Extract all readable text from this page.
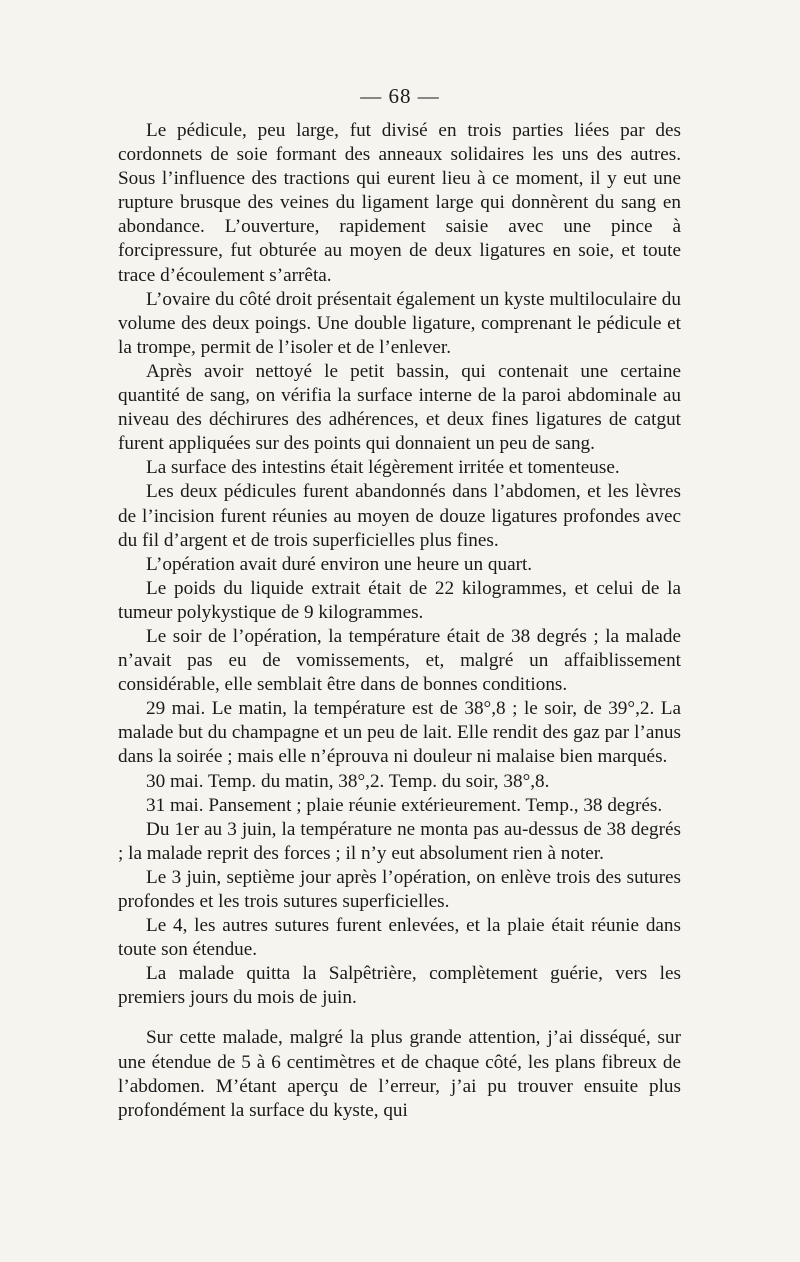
— 68 —

Le pédicule, peu large, fut divisé en trois parties liées par des cordonnets de soie formant des anneaux solidaires les uns des autres. Sous l’influence des tractions qui eurent lieu à ce moment, il y eut une rupture brusque des veines du ligament large qui donnèrent du sang en abondance. L’ouverture, rapidement saisie avec une pince à forcipressure, fut obturée au moyen de deux ligatures en soie, et toute trace d’écoulement s’arrêta.

L’ovaire du côté droit présentait également un kyste multiloculaire du volume des deux poings. Une double ligature, comprenant le pédicule et la trompe, permit de l’isoler et de l’enlever.

Après avoir nettoyé le petit bassin, qui contenait une certaine quantité de sang, on vérifia la surface interne de la paroi abdominale au niveau des déchirures des adhérences, et deux fines ligatures de catgut furent appliquées sur des points qui donnaient un peu de sang.

La surface des intestins était légèrement irritée et tomenteuse.

Les deux pédicules furent abandonnés dans l’abdomen, et les lèvres de l’incision furent réunies au moyen de douze ligatures profondes avec du fil d’argent et de trois superficielles plus fines.

L’opération avait duré environ une heure un quart.

Le poids du liquide extrait était de 22 kilogrammes, et celui de la tumeur polykystique de 9 kilogrammes.

Le soir de l’opération, la température était de 38 degrés ; la malade n’avait pas eu de vomissements, et, malgré un affaiblissement considérable, elle semblait être dans de bonnes conditions.

29 mai. Le matin, la température est de 38°,8 ; le soir, de 39°,2. La malade but du champagne et un peu de lait. Elle rendit des gaz par l’anus dans la soirée ; mais elle n’éprouva ni douleur ni malaise bien marqués.

30 mai. Temp. du matin, 38°,2. Temp. du soir, 38°,8.

31 mai. Pansement ; plaie réunie extérieurement. Temp., 38 degrés.

Du 1er au 3 juin, la température ne monta pas au-dessus de 38 degrés ; la malade reprit des forces ; il n’y eut absolument rien à noter.

Le 3 juin, septième jour après l’opération, on enlève trois des sutures profondes et les trois sutures superficielles.

Le 4, les autres sutures furent enlevées, et la plaie était réunie dans toute son étendue.

La malade quitta la Salpêtrière, complètement guérie, vers les premiers jours du mois de juin.

Sur cette malade, malgré la plus grande attention, j’ai disséqué, sur une étendue de 5 à 6 centimètres et de chaque côté, les plans fibreux de l’abdomen. M’étant aperçu de l’erreur, j’ai pu trouver ensuite plus profondément la surface du kyste, qui
